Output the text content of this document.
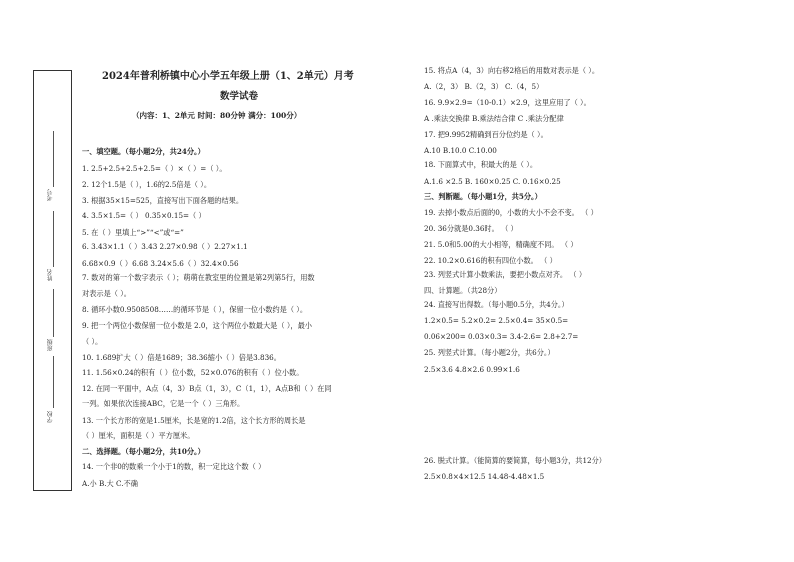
考号
姓名
班级
学校
2024年普利桥镇中心小学五年级上册（1、2单元）月考
数学试卷
（内容：1、2单元 时间：80分钟 满分：100分）
一、填空题。（每小题2分，共24分。）
1. 2.5+2.5+2.5+2.5=（ ）×（ ）=（ ）。
2. 12个1.5是（ ），1.6的2.5倍是（ ）。
3. 根据35×15=525，直接写出下面各题的结果。
4. 3.5×1.5=（ ） 0.35×0.15=（ ）
5. 在（ ）里填上“>”“<”或“=”
6. 3.43×1.1（ ）3.43 2.27×0.98（ ）2.27×1.1
6.68×0.9（ ）6.68 3.24×5.6（ ）32.4×0.56
7. 数对的第一个数字表示（ ）；萌萌在教室里的位置是第2列第5行，用数
对表示是（ ）。
8. 循环小数0.9508508……的循环节是（ ），保留一位小数约是（ ）。
9. 把一个两位小数保留一位小数是 2.0，这个两位小数最大是（ ），最小
（ ）。
10. 1.689扩大（ ）倍是1689；38.36缩小（ ）倍是3.836。
11. 1.56×0.24的积有（ ）位小数，52×0.076的积有（ ）位小数。
12. 在同一平面中，A点（4，3）B点（1，3），C（1，1），A点B和（ ）在同
一列。如果依次连接ABC，它是一个（ ）三角形。
13. 一个长方形的宽是1.5厘米，长是宽的1.2倍，这个长方形的周长是
（ ）厘米，面积是（ ）平方厘米。
二、选择题。（每小题2分，共10分。）
14. 一个非0的数乘一个小于1的数，积一定比这个数（ ）
A.小 B.大 C.不确
15. 将点A（4，3）向右移2格后的用数对表示是（ ）。
A.（2，3） B.（2，3） C.（4，5）
16. 9.9×2.9=（10-0.1）×2.9，这里应用了（ ）。
A .乘法交换律 B.乘法结合律 C .乘法分配律
17. 把9.9952精确到百分位约是（ ）。
A.10 B.10.0 C.10.00
18. 下面算式中，积最大的是（ ）。
A.1.6 ×2.5 B. 160×0.25 C. 0.16×0.25
三、判断题。（每小题1分，共5分。）
19. 去掉小数点后面的0，小数的大小不会不变。 （ ）
20. 36分就是0.36时。 （ ）
21. 5.0和5.00的大小相等，精确度不同。 （ ）
22. 10.2×0.616的积有四位小数。 （ ）
23. 列竖式计算小数乘法，要把小数点对齐。 （ ）
四、计算题。（共28分）
24. 直接写出得数。（每小题0.5分，共4分。）
1.2×0.5= 5.2×0.2= 2.5×0.4= 35×0.5=
0.06×200= 0.03×0.3= 3.4-2.6= 2.8+2.7=
25. 列竖式计算。（每小题2分，共6分。）
2.5×3.6 4.8×2.6 0.99×1.6
26. 脱式计算。（能简算的要简算，每小题3分，共12分）
2.5×0.8×4×12.5 14.48-4.48×1.5
